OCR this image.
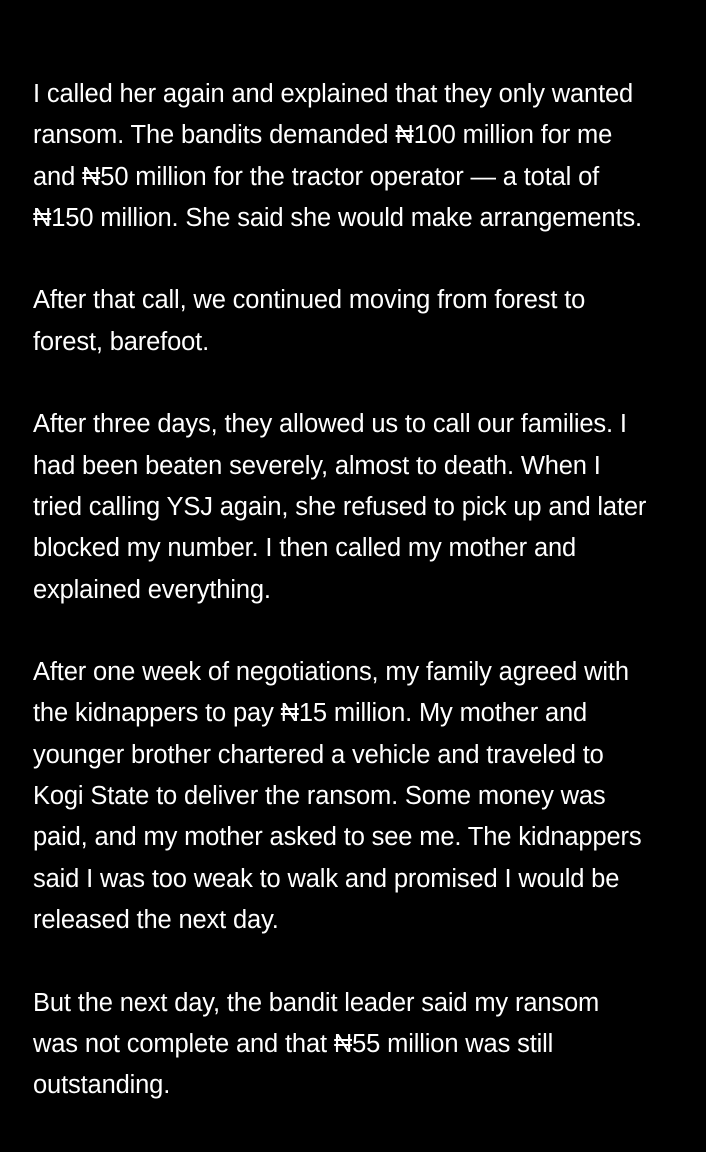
I called her again and explained that they only wanted
ransom. The bandits demanded ₦100 million for me
and ₦50 million for the tractor operator — a total of
₦150 million. She said she would make arrangements.

After that call, we continued moving from forest to
forest, barefoot.

After three days, they allowed us to call our families. I
had been beaten severely, almost to death. When I
tried calling YSJ again, she refused to pick up and later
blocked my number. I then called my mother and
explained everything.

After one week of negotiations, my family agreed with
the kidnappers to pay ₦15 million. My mother and
younger brother chartered a vehicle and traveled to
Kogi State to deliver the ransom. Some money was
paid, and my mother asked to see me. The kidnappers
said I was too weak to walk and promised I would be
released the next day.

But the next day, the bandit leader said my ransom
was not complete and that ₦55 million was still
outstanding.
